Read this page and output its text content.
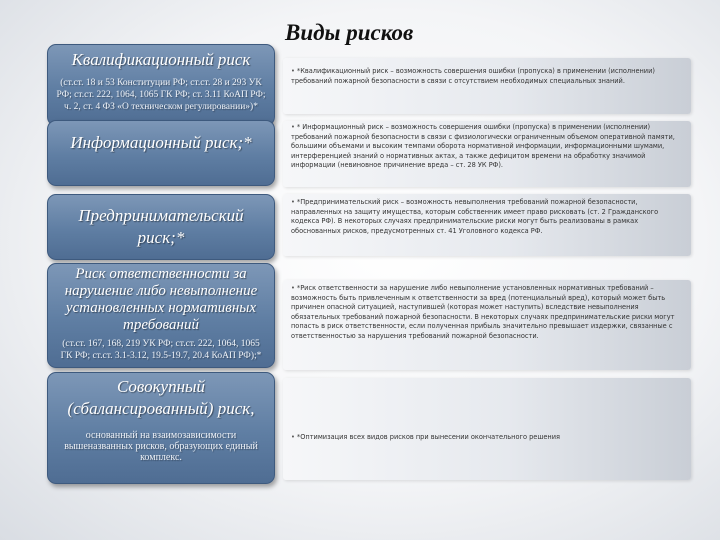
Виды рисков
Квалификационный риск
(ст.ст. 18 и 53 Конституции РФ; ст.ст. 28 и 293 УК РФ; ст.ст. 222, 1064, 1065 ГК РФ; ст. 3.11 КоАП РФ; ч. 2, ст. 4 ФЗ «О техническом регулировании»)*
Информационный риск;*
Предпринимательский риск;*
Риск ответственности за нарушение либо невыполнение установленных нормативных требований
(ст.ст. 167, 168, 219 УК РФ; ст.ст. 222, 1064, 1065 ГК РФ; ст.ст. 3.1-3.12, 19.5-19.7, 20.4 КоАП РФ);*
Совокупный (сбалансированный) риск,
основанный на взаимозависимости вышеназванных рисков, образующих единый комплекс.
• *Квалификационный риск – возможность совершения ошибки (пропуска) в применении (исполнении) требований пожарной безопасности в связи с отсутствием необходимых специальных знаний.
• * Информационный риск – возможность совершения ошибки (пропуска) в применении (исполнении) требований пожарной безопасности в связи с физиологически ограниченным объемом оперативной памяти, большими объемами и высоким темпами оборота нормативной информации, информационными шумами, интерференцией знаний о нормативных актах, а также дефицитом времени на обработку значимой информации (невиновное причинение вреда – ст. 28 УК РФ).
• *Предпринимательский риск – возможность невыполнения требований пожарной безопасности, направленных на защиту имущества, которым собственник имеет право рисковать (ст. 2 Гражданского кодекса РФ). В некоторых случаях предпринимательские риски могут быть реализованы в рамках обоснованных рисков, предусмотренных ст. 41 Уголовного кодекса РФ.
• *Риск ответственности за нарушение либо невыполнение установленных нормативных требований – возможность быть привлеченным к ответственности за вред (потенциальный вред), который может быть причинен опасной ситуацией, наступившей (которая может наступить) вследствие невыполнения обязательных требований пожарной безопасности. В некоторых случаях предпринимательские риски могут попасть в риск ответственности, если полученная прибыль значительно превышает издержки, связанные с ответственностью за нарушения требований пожарной безопасности.
• *Оптимизация всех видов рисков при вынесении окончательного решения
